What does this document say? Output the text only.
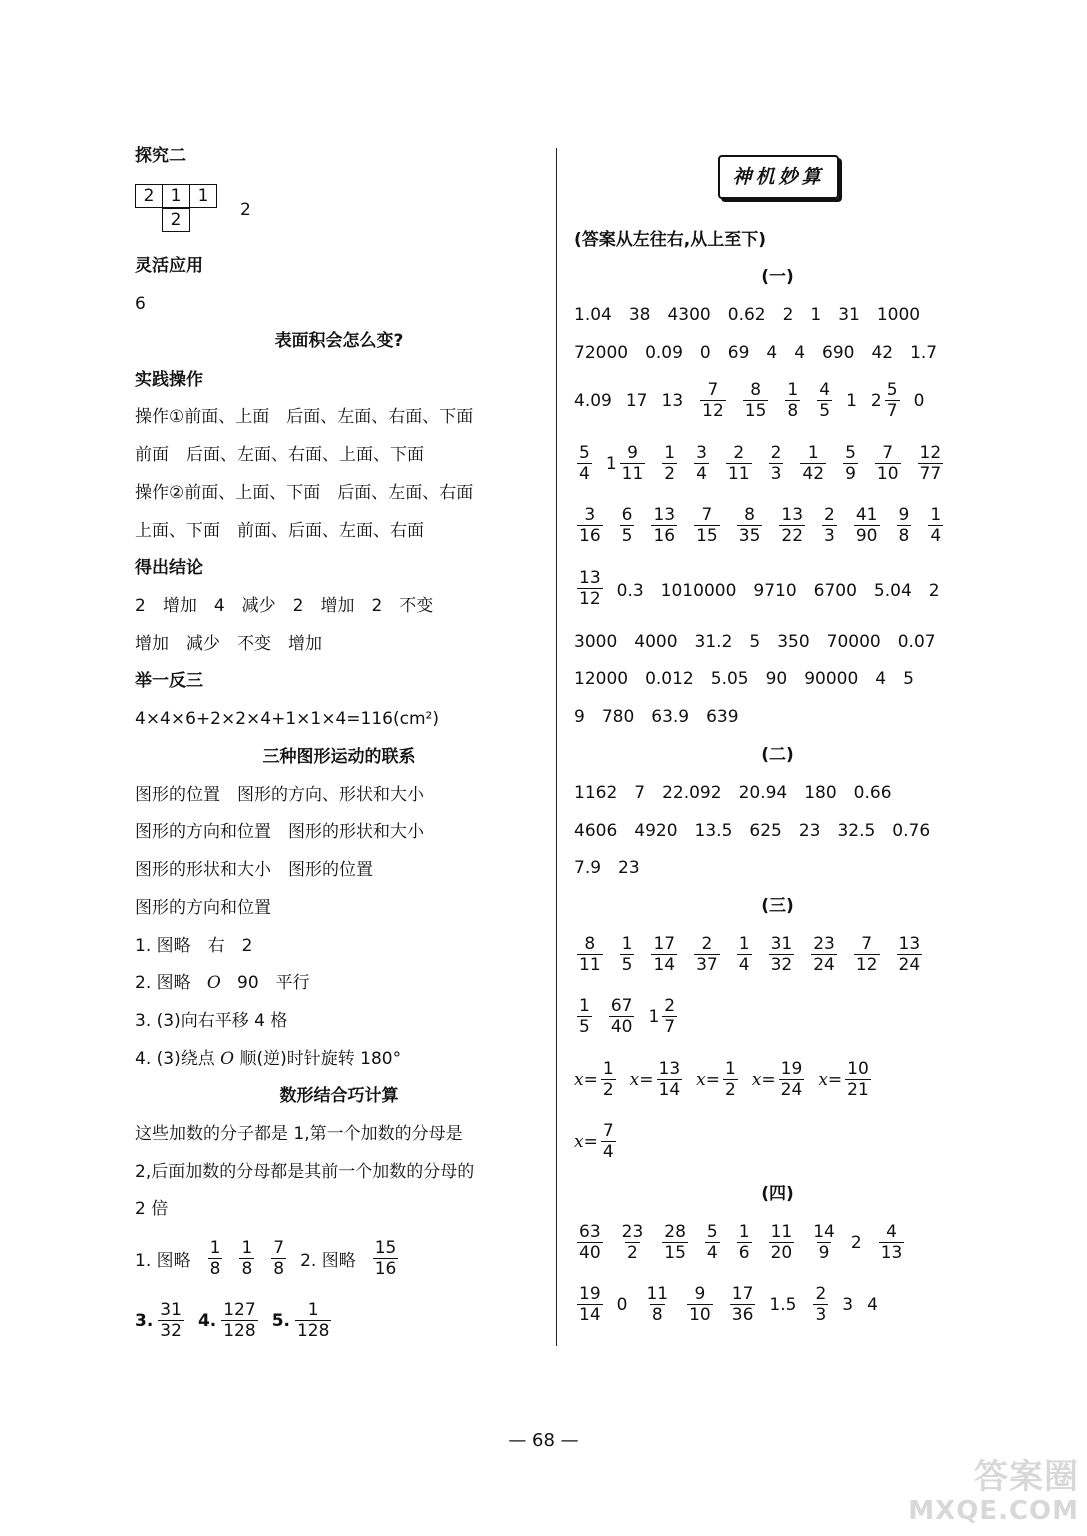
探究二
2 1 1
2	2
灵活应用
6
表面积会怎么变?
实践操作
操作①前面、上面　后面、左面、右面、下面
前面　后面、左面、右面、上面、下面
操作②前面、上面、下面　后面、左面、右面
上面、下面　前面、后面、左面、右面
得出结论
2　增加　4　减少　2　增加　2　不变
增加　减少　不变　增加
举一反三
4×4×6+2×2×4+1×1×4=116(cm²)
三种图形运动的联系
图形的位置　图形的方向、形状和大小
图形的方向和位置　图形的形状和大小
图形的形状和大小　图形的位置
图形的方向和位置
1. 图略　右　2
2. 图略 O 90　平行
3. (3)向右平移 4 格
4. (3)绕点 O 顺(逆)时针旋转 180°
数形结合巧计算
这些加数的分子都是 1,第一个加数的分母是
2,后面加数的分母都是其前一个加数的分母的
2 倍
1. 图略 $\frac{1}{8} \frac{1}{8} \frac{7}{8} 2$. 图略 $\frac{15}{16}$
3. $\frac{31}{32} 4$. $\frac{127}{128} 5$. $\frac{1}{128}$
神机妙算
(答案从左往右,从上至下)
(一)
1.04　38　4300　0.62　2　1　31　1000
72000　0.09　0　69　4　4　690　42　1.7
4.09 17 $13 \frac{7}{12} \frac{8}{15} \frac{1}{8} \frac{4}{5} 1$ $2 \frac{5}{7} 0$
$\frac{5}{4} 1 \frac{9}{11} \frac{1}{2} \frac{3}{4} \frac{2}{11} \frac{2}{3} \frac{1}{42} \frac{5}{9} \frac{7}{10} \frac{12}{77}$
$\frac{3}{16} \frac{6}{5} \frac{13}{16} \frac{7}{15} \frac{8}{35} \frac{13}{22} \frac{2}{3} \frac{41}{90} \frac{9}{8} \frac{1}{4}$
$\frac{13}{12} 0.3$　1010000　9710　6700　5.04　2
3000　4000　31.2　5　350　70000　0.07
12000　0.012　5.05　90　90000　4　5
9　780　63.9　639
(二)
1162　7　22.092　20.94　180　0.66
4606　4920　13.5　625　23　32.5　0.76
7.9　23
(三)
$\frac{8}{11} \frac{1}{5} \frac{17}{14} \frac{2}{37} \frac{1}{4} \frac{31}{32} \frac{23}{24} \frac{7}{12} \frac{13}{24}$
$\frac{1}{5} \frac{67}{40} 1 \frac{2}{7}$
$x= \frac{1}{2} x= \frac{13}{14} x= \frac{1}{2} x= \frac{19}{24} x= \frac{10}{21}$
$x= \frac{7}{4}$
(四)
$\frac{63}{40} \frac{23}{2} \frac{28}{15} \frac{5}{4} \frac{1}{6} \frac{11}{20} \frac{14}{9} 2 \frac{4}{13}$
$\frac{19}{14} 0 \frac{11}{8} \frac{9}{10} \frac{17}{36} 1.5 \frac{2}{3} 3$ 4
— 68 —
答案圈
MXQE.COM
